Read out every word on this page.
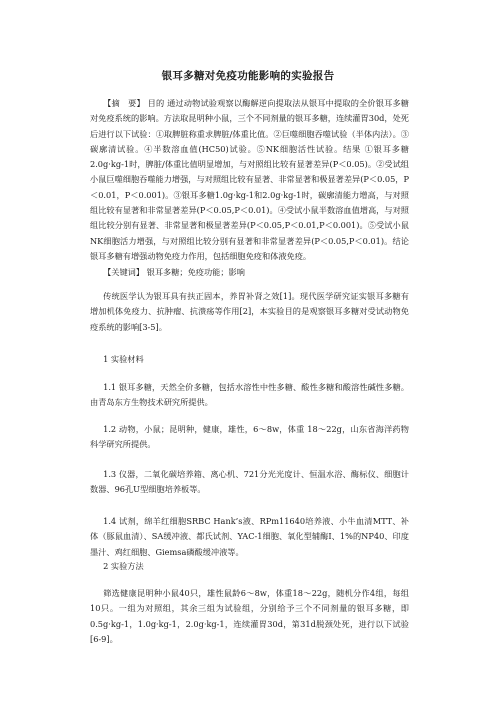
银耳多糖对免疫功能影响的实验报告

【摘　要】 目的 通过动物试验观察以酶解逆向提取法从银耳中提取的全价银耳多糖对免疫系统的影响。方法取昆明种小鼠，三个不同剂量的银耳多糖，连续灌胃30d，处死后进行以下试验：①取脾脏称重求脾脏/体重比值。②巨噬细胞吞噬试验（半体内法）。③碳廓清试验。④半数溶血值(HC50)试验。⑤NK细胞活性试验。结果 ①银耳多糖2.0g·kg-1时，脾脏/体重比值明显增加，与对照组比较有显著差异(P＜0.05)。②受试组小鼠巨噬细胞吞噬能力增强，与对照组比较有显著、非常显著和极显著差异(P＜0.05，P＜0.01，P＜0.001)。③银耳多糖1.0g·kg-1和2.0g·kg-1时，碳廓清能力增高，与对照组比较有显著和非常显著差异(P＜0.05,P＜0.01)。④受试小鼠半数溶血值增高，与对照组比较分别有显著、非常显著和极显著差异(P＜0.05,P＜0.01,P＜0.001)。⑤受试小鼠NK细胞活力增强，与对照组比较分别有显著和非常显著差异(P＜0.05,P＜0.01)。结论 银耳多糖有增强动物免疫力作用，包括细胞免疫和体液免疫。

【关键词】 银耳多糖；免疫功能；影响

传统医学认为银耳具有扶正固本，养胃补肾之效[1]。现代医学研究证实银耳多糖有增加机体免疫力、抗肿瘤、抗溃疡等作用[2]，本实验目的是观察银耳多糖对受试动物免疫系统的影响[3-5]。

1 实验材料

1.1 银耳多糖，天然全价多糖，包括水溶性中性多糖、酸性多糖和酸溶性碱性多糖。由青岛东方生物技术研究所提供。

1.2 动物，小鼠；昆明种，健康，雄性，6～8w，体重 18～22g，山东省海洋药物科学研究所提供。

1.3 仪器，二氧化碳培养箱、离心机、721分光光度计、恒温水浴、酶标仪、细胞计数器、96孔U型细胞培养板等。

1.4 试剂，绵羊红细胞SRBC Hank’s液、RPm11640培养液、小牛血清MTT、补体（豚鼠血清）、SA缓冲液、都氏试剂、YAC-1细胞、氧化型辅酶I、1%的NP40、印度墨汁、鸡红细胞、Giemsa磷酸缓冲液等。

2 实验方法

筛选健康昆明种小鼠40只，雄性鼠龄6～8w，体重18～22g，随机分作4组，每组10只。一组为对照组，其余三组为试验组，分别给予三个不同剂量的银耳多糖，即0.5g·kg-1，1.0g·kg-1，2.0g·kg-1，连续灌胃30d，第31d脱颈处死，进行以下试验[6-9]。
